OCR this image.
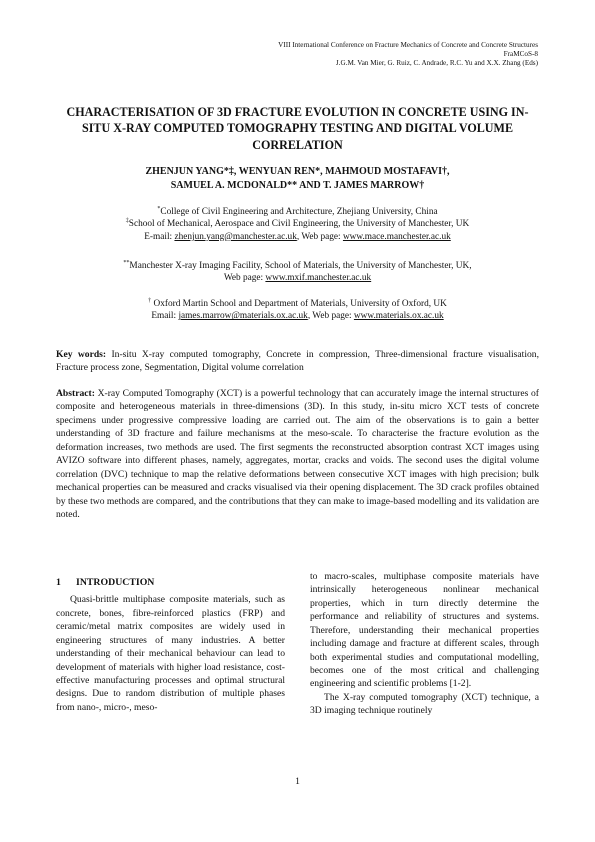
VIII International Conference on Fracture Mechanics of Concrete and Concrete Structures
FraMCoS-8
J.G.M. Van Mier, G. Ruiz, C. Andrade, R.C. Yu and X.X. Zhang (Eds)
CHARACTERISATION OF 3D FRACTURE EVOLUTION IN CONCRETE USING IN-SITU X-RAY COMPUTED TOMOGRAPHY TESTING AND DIGITAL VOLUME CORRELATION
ZHENJUN YANG*‡, WENYUAN REN*, MAHMOUD MOSTAFAVI†,
SAMUEL A. MCDONALD** AND T. JAMES MARROW†
*College of Civil Engineering and Architecture, Zhejiang University, China
‡School of Mechanical, Aerospace and Civil Engineering, the University of Manchester, UK
E-mail: zhenjun.yang@manchester.ac.uk, Web page: www.mace.manchester.ac.uk
**Manchester X-ray Imaging Facility, School of Materials, the University of Manchester, UK,
Web page: www.mxif.manchester.ac.uk
† Oxford Martin School and Department of Materials, University of Oxford, UK
Email: james.marrow@materials.ox.ac.uk, Web page: www.materials.ox.ac.uk
Key words: In-situ X-ray computed tomography, Concrete in compression, Three-dimensional fracture visualisation, Fracture process zone, Segmentation, Digital volume correlation
Abstract: X-ray Computed Tomography (XCT) is a powerful technology that can accurately image the internal structures of composite and heterogeneous materials in three-dimensions (3D). In this study, in-situ micro XCT tests of concrete specimens under progressive compressive loading are carried out. The aim of the observations is to gain a better understanding of 3D fracture and failure mechanisms at the meso-scale. To characterise the fracture evolution as the deformation increases, two methods are used. The first segments the reconstructed absorption contrast XCT images using AVIZO software into different phases, namely, aggregates, mortar, cracks and voids. The second uses the digital volume correlation (DVC) technique to map the relative deformations between consecutive XCT images with high precision; bulk mechanical properties can be measured and cracks visualised via their opening displacement. The 3D crack profiles obtained by these two methods are compared, and the contributions that they can make to image-based modelling and its validation are noted.
1 INTRODUCTION

Quasi-brittle multiphase composite materials, such as concrete, bones, fibre-reinforced plastics (FRP) and ceramic/metal matrix composites are widely used in engineering structures of many industries. A better understanding of their mechanical behaviour can lead to development of materials with higher load resistance, cost-effective manufacturing processes and optimal structural designs. Due to random distribution of multiple phases from nano-, micro-, meso-

to macro-scales, multiphase composite materials have intrinsically heterogeneous nonlinear mechanical properties, which in turn directly determine the performance and reliability of structures and systems. Therefore, understanding their mechanical properties including damage and fracture at different scales, through both experimental studies and computational modelling, becomes one of the most critical and challenging engineering and scientific problems [1-2].

The X-ray computed tomography (XCT) technique, a 3D imaging technique routinely

1
